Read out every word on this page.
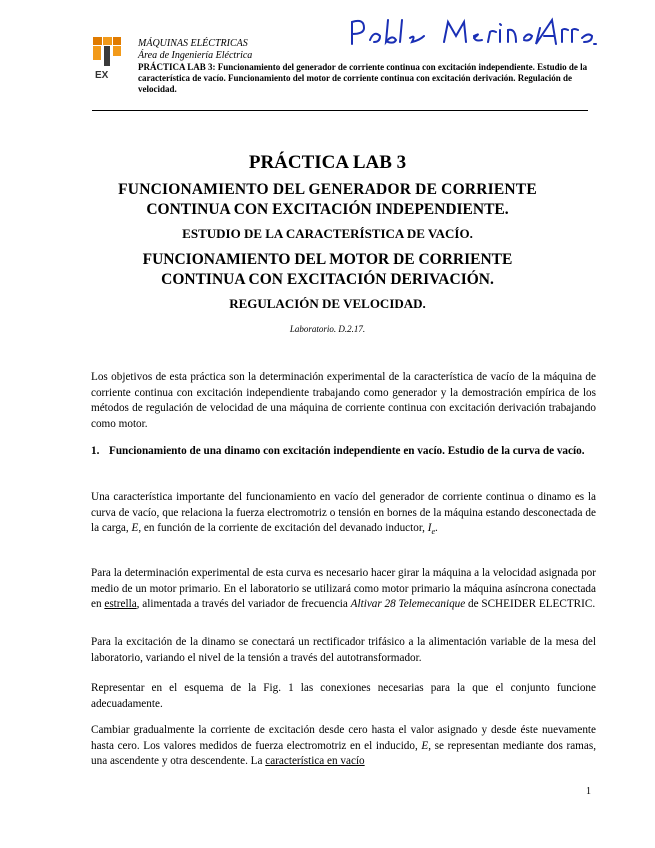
EX
MÁQUINAS ELÉCTRICAS
Área de Ingeniería Eléctrica
PRÁCTICA LAB 3: Funcionamiento del generador de corriente continua con excitación independiente. Estudio de la característica de vacío. Funcionamiento del motor de corriente continua con excitación derivación. Regulación de velocidad.
PRÁCTICA LAB 3
FUNCIONAMIENTO DEL GENERADOR DE CORRIENTE
CONTINUA CON EXCITACIÓN INDEPENDIENTE.
ESTUDIO DE LA CARACTERÍSTICA DE VACÍO.
FUNCIONAMIENTO DEL MOTOR DE CORRIENTE
CONTINUA CON EXCITACIÓN DERIVACIÓN.
REGULACIÓN DE VELOCIDAD.
Laboratorio. D.2.17.
Los objetivos de esta práctica son la determinación experimental de la característica de vacío de la máquina de corriente continua con excitación independiente trabajando como generador y la demostración empírica de los métodos de regulación de velocidad de una máquina de corriente continua con excitación derivación trabajando como motor.
1. Funcionamiento de una dinamo con excitación independiente en vacío. Estudio de la curva de vacío.
Una característica importante del funcionamiento en vacío del generador de corriente continua o dinamo es la curva de vacío, que relaciona la fuerza electromotriz o tensión en bornes de la máquina estando desconectada de la carga, E, en función de la corriente de excitación del devanado inductor, $I_e$.
Para la determinación experimental de esta curva es necesario hacer girar la máquina a la velocidad asignada por medio de un motor primario. En el laboratorio se utilizará como motor primario la máquina asíncrona conectada en estrella, alimentada a través del variador de frecuencia Altivar 28 Telemecanique de SCHEIDER ELECTRIC.
Para la excitación de la dinamo se conectará un rectificador trifásico a la alimentación variable de la mesa del laboratorio, variando el nivel de la tensión a través del autotransformador.
Representar en el esquema de la Fig. 1 las conexiones necesarias para la que el conjunto funcione adecuadamente.
Cambiar gradualmente la corriente de excitación desde cero hasta el valor asignado y desde éste nuevamente hasta cero. Los valores medidos de fuerza electromotriz en el inducido, E, se representan mediante dos ramas, una ascendente y otra descendente. La característica en vacío
1
